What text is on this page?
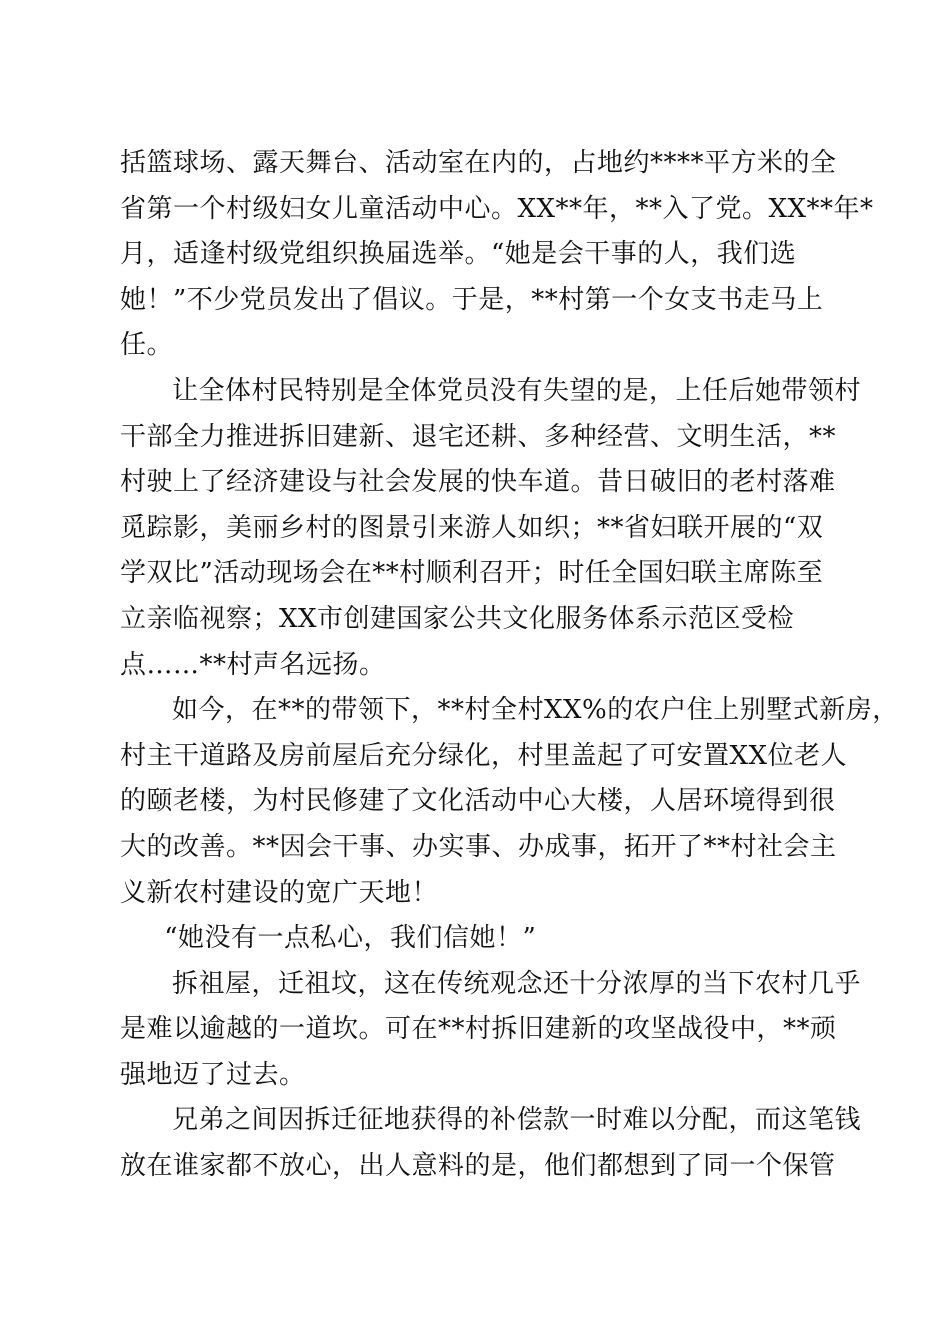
括篮球场、露天舞台、活动室在内的，占地约****平方米的全
省第一个村级妇女儿童活动中心。XX**年，**入了党。XX**年*
月，适逢村级党组织换届选举。“她是会干事的人，我们选
她！”不少党员发出了倡议。于是，**村第一个女支书走马上
任。

让全体村民特别是全体党员没有失望的是，上任后她带领村
干部全力推进拆旧建新、退宅还耕、多种经营、文明生活，**
村驶上了经济建设与社会发展的快车道。昔日破旧的老村落难
觅踪影，美丽乡村的图景引来游人如织；**省妇联开展的“双
学双比”活动现场会在**村顺利召开；时任全国妇联主席陈至
立亲临视察；XX市创建国家公共文化服务体系示范区受检
点……**村声名远扬。

如今，在**的带领下，**村全村XX%的农户住上别墅式新房，
村主干道路及房前屋后充分绿化，村里盖起了可安置XX位老人
的颐老楼，为村民修建了文化活动中心大楼，人居环境得到很
大的改善。**因会干事、办实事、办成事，拓开了**村社会主
义新农村建设的宽广天地！

“她没有一点私心，我们信她！”

拆祖屋，迁祖坟，这在传统观念还十分浓厚的当下农村几乎
是难以逾越的一道坎。可在**村拆旧建新的攻坚战役中，**顽
强地迈了过去。

兄弟之间因拆迁征地获得的补偿款一时难以分配，而这笔钱
放在谁家都不放心，出人意料的是，他们都想到了同一个保管
